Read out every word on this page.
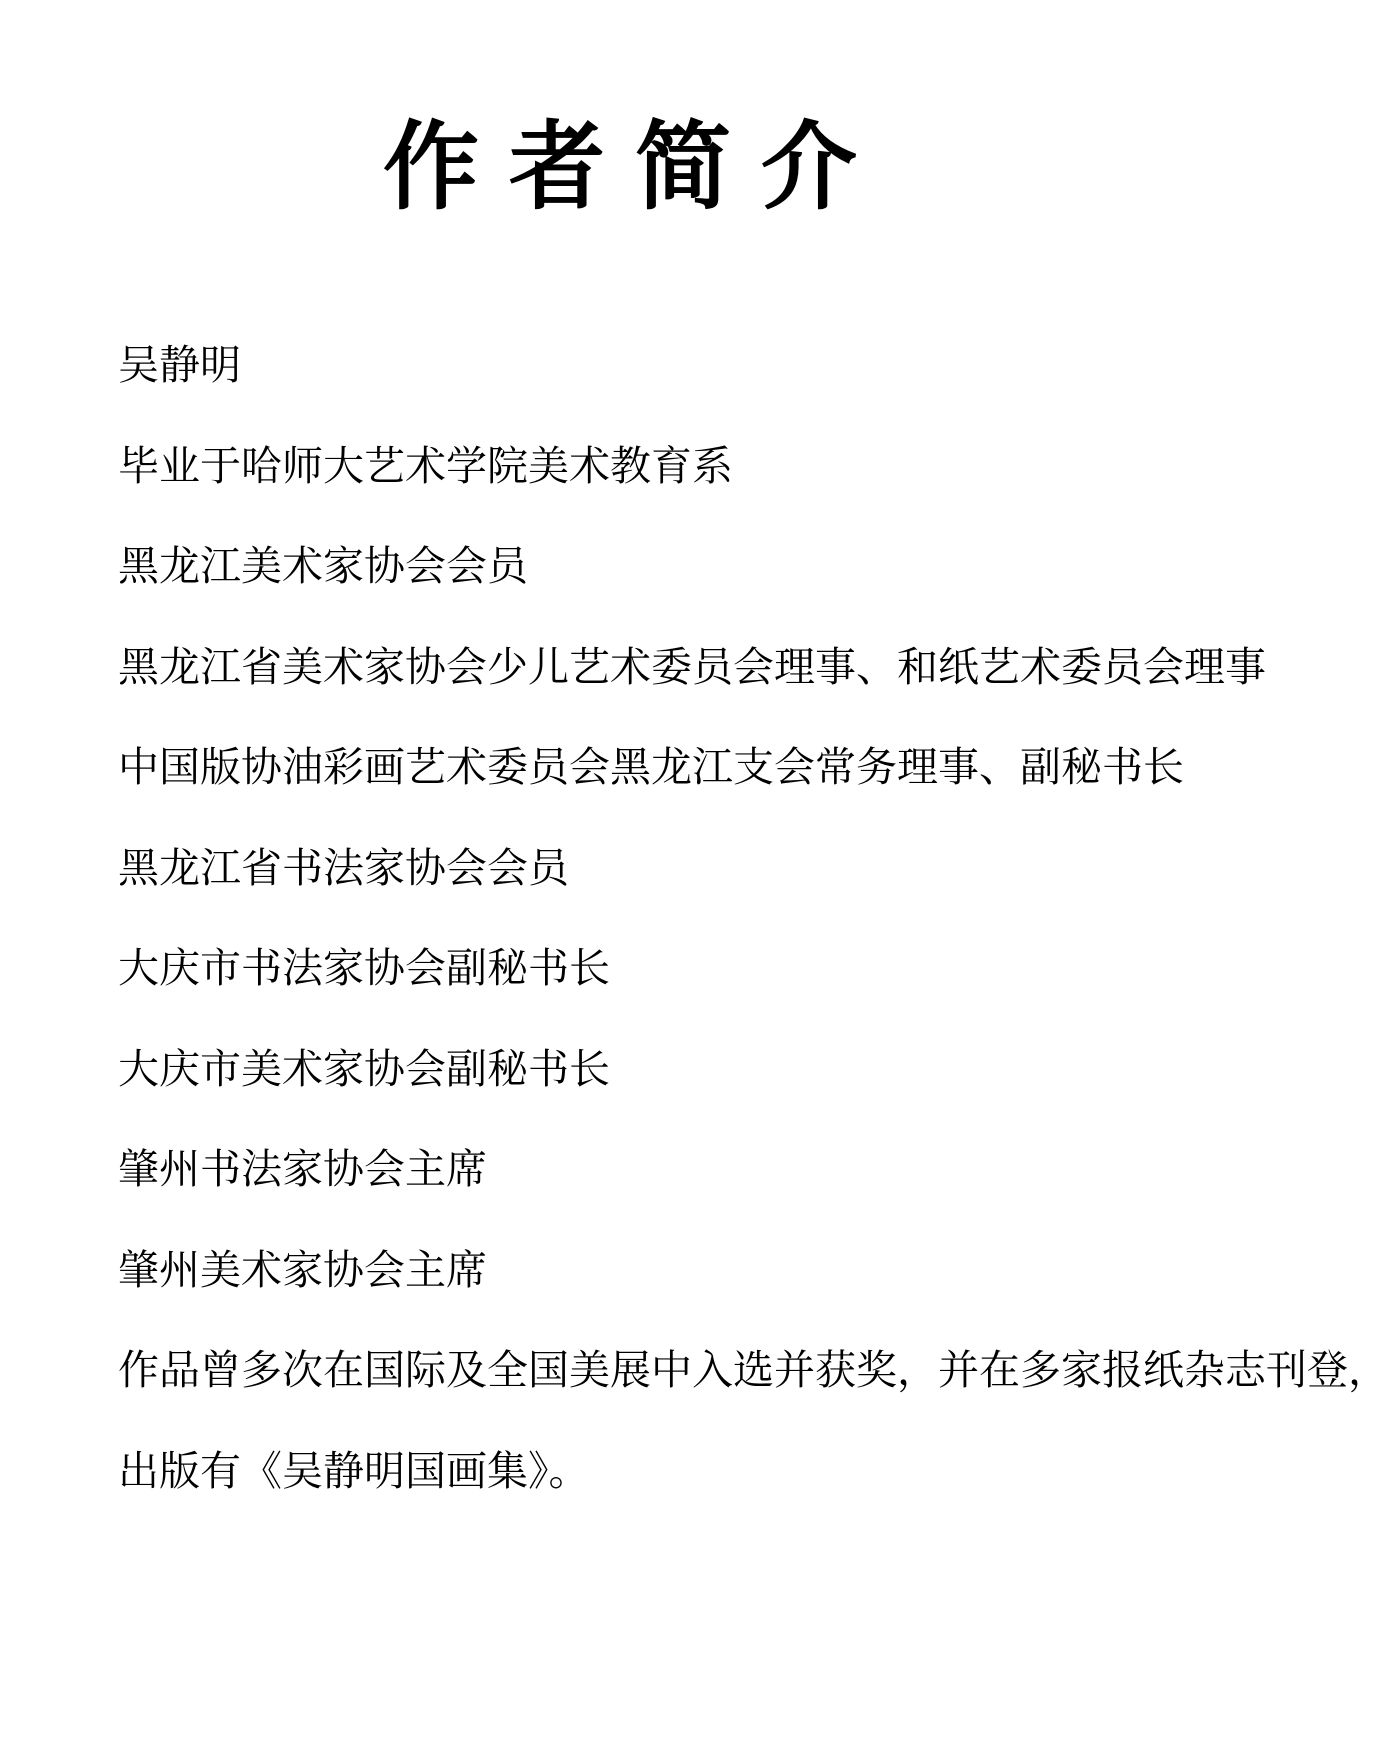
作者简介
吴静明
毕业于哈师大艺术学院美术教育系
黑龙江美术家协会会员
黑龙江省美术家协会少儿艺术委员会理事、和纸艺术委员会理事
中国版协油彩画艺术委员会黑龙江支会常务理事、副秘书长
黑龙江省书法家协会会员
大庆市书法家协会副秘书长
大庆市美术家协会副秘书长
肇州书法家协会主席
肇州美术家协会主席
作品曾多次在国际及全国美展中入选并获奖，并在多家报纸杂志刊登，
出版有《吴静明国画集》。
